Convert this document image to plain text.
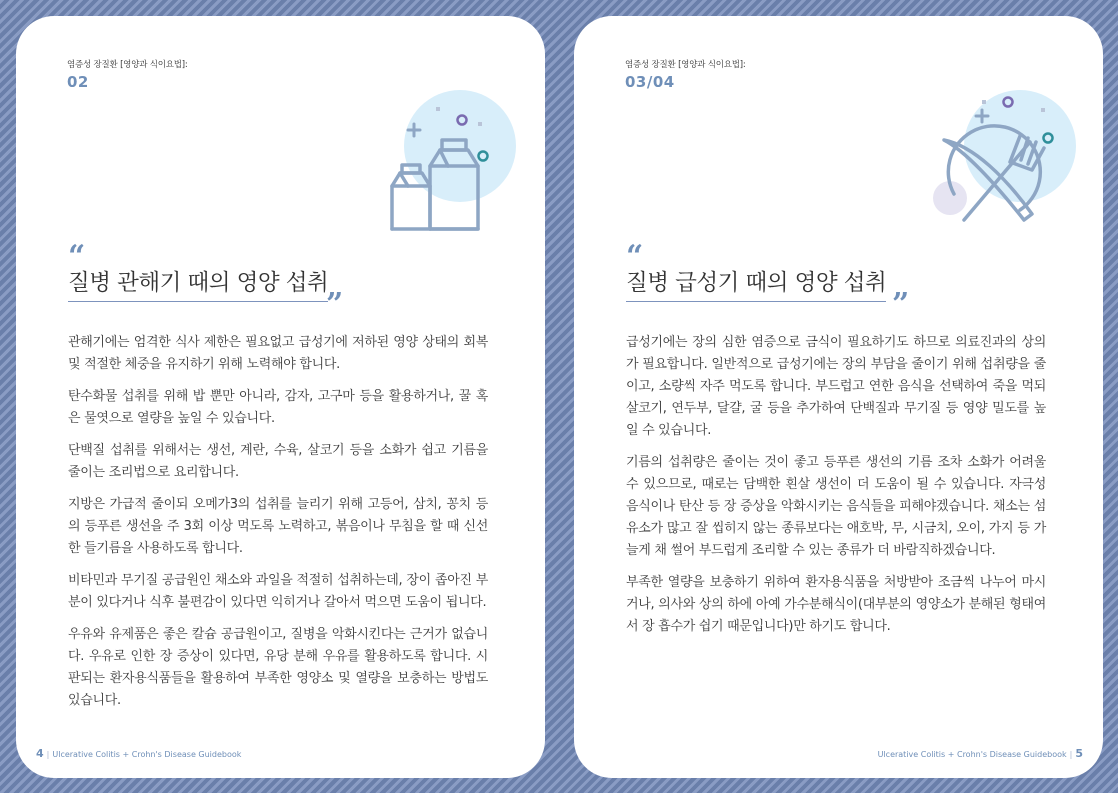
염증성 장질환 [영양과 식이요법]:
02
“
질병 관해기 때의 영양 섭취
”

관해기에는 엄격한 식사 제한은 필요없고 급성기에 저하된 영양 상태의 회복 및 적절한 체중을 유지하기 위해 노력해야 합니다.

탄수화물 섭취를 위해 밥 뿐만 아니라, 감자, 고구마 등을 활용하거나, 꿀 혹은 물엿으로 열량을 높일 수 있습니다.

단백질 섭취를 위해서는 생선, 계란, 수육, 살코기 등을 소화가 쉽고 기름을 줄이는 조리법으로 요리합니다.

지방은 가급적 줄이되 오메가3의 섭취를 늘리기 위해 고등어, 삼치, 꽁치 등의 등푸른 생선을 주 3회 이상 먹도록 노력하고, 볶음이나 무침을 할 때 신선한 들기름을 사용하도록 합니다.

비타민과 무기질 공급원인 채소와 과일을 적절히 섭취하는데, 장이 좁아진 부분이 있다거나 식후 불편감이 있다면 익히거나 갈아서 먹으면 도움이 됩니다.

우유와 유제품은 좋은 칼슘 공급원이고, 질병을 악화시킨다는 근거가 없습니다. 우유로 인한 장 증상이 있다면, 유당 분해 우유를 활용하도록 합니다. 시판되는 환자용식품들을 활용하여 부족한 영양소 및 열량을 보충하는 방법도 있습니다.

4 | Ulcerative Colitis + Crohn's Disease Guidebook
염증성 장질환 [영양과 식이요법]:
03/04
“
질병 급성기 때의 영양 섭취
”

급성기에는 장의 심한 염증으로 금식이 필요하기도 하므로 의료진과의 상의가 필요합니다. 일반적으로 급성기에는 장의 부담을 줄이기 위해 섭취량을 줄이고, 소량씩 자주 먹도록 합니다. 부드럽고 연한 음식을 선택하여 죽을 먹되 살코기, 연두부, 달걀, 굴 등을 추가하여 단백질과 무기질 등 영양 밀도를 높일 수 있습니다.

기름의 섭취량은 줄이는 것이 좋고 등푸른 생선의 기름 조차 소화가 어려울 수 있으므로, 때로는 담백한 흰살 생선이 더 도움이 될 수 있습니다. 자극성 음식이나 탄산 등 장 증상을 악화시키는 음식들을 피해야겠습니다. 채소는 섬유소가 많고 잘 씹히지 않는 종류보다는 애호박, 무, 시금치, 오이, 가지 등 가늘게 채 썰어 부드럽게 조리할 수 있는 종류가 더 바람직하겠습니다.

부족한 열량을 보충하기 위하여 환자용식품을 처방받아 조금씩 나누어 마시거나, 의사와 상의 하에 아예 가수분해식이(대부분의 영양소가 분해된 형태여서 장 흡수가 쉽기 때문입니다)만 하기도 합니다.

Ulcerative Colitis + Crohn's Disease Guidebook | 5
